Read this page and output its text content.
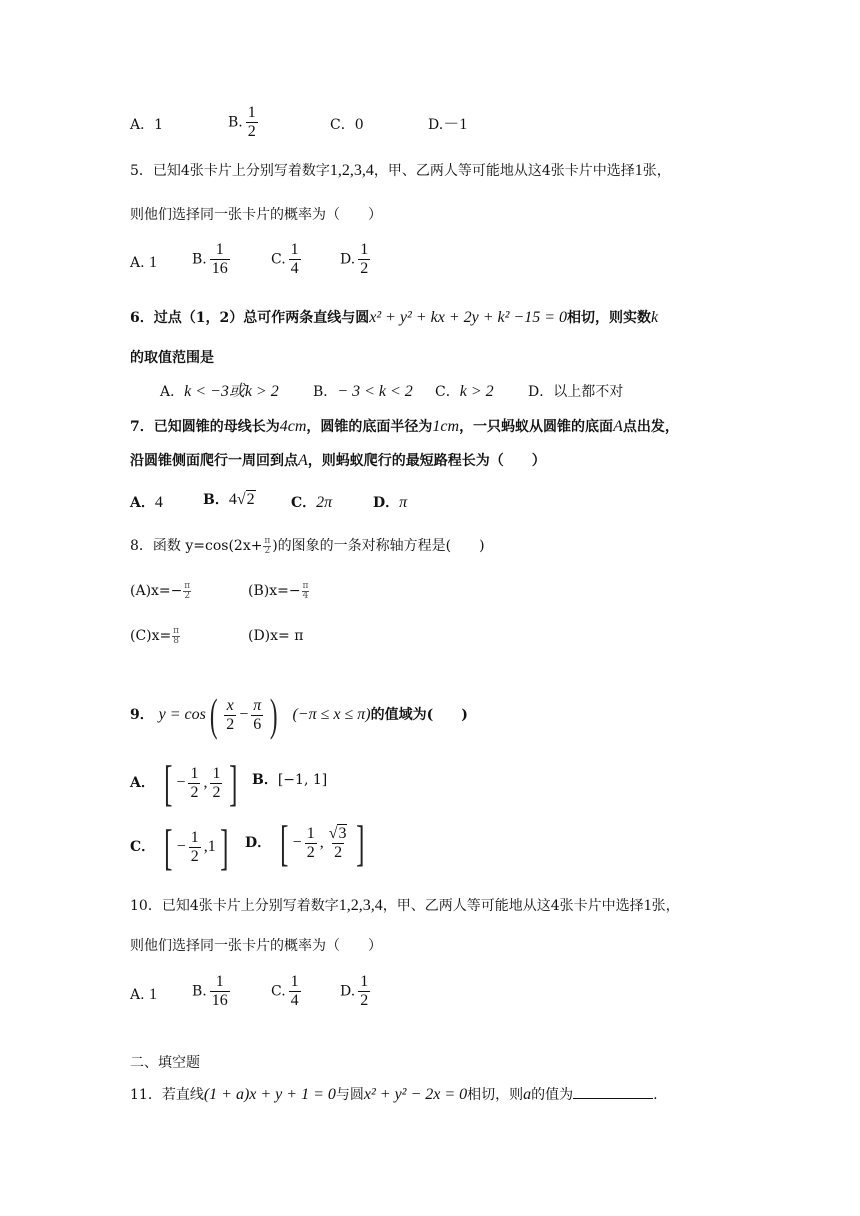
A．1	B. $\frac{1}{2}$	C．0	D.－1
5．已知4张卡片上分别写着数字1,2,3,4，甲、乙两人等可能地从这4张卡片中选择1张，
则他们选择同一张卡片的概率为（　　）
A. 1 B. $\frac{1}{16}$	C. $\frac{1}{4}$	D. $\frac{1}{2}$
6．过点（1，2）总可作两条直线与圆x² + y² + kx + 2y + k² −15 = 0相切，则实数k
的取值范围是
A．k < −3或k > 2 B．− 3 < k < 2 C．k > 2 D．以上都不对
7．已知圆锥的母线长为4cm，圆锥的底面半径为1cm，一只蚂蚁从圆锥的底面A点出发，
沿圆锥侧面爬行一周回到点A，则蚂蚁爬行的最短路程长为（　　）
A．4	B．4√2	C．2π	D．π
8．函数 $y=\cos(2x+ \frac{\pi}{2}$ )的图象的一条对称轴方程是(　　)
$(A)x=- \frac{\pi}{2}$	$(B)x=- \frac{\pi}{4}$
$(C)x= \frac{\pi}{8}$	(D)x= π
9． y = cos ( $\frac{x}{2} - \frac{\pi}{6}$ ) (−π ≤ x ≤ π)的值域为(　　)
A． [ − $\frac{1}{2}$ , $\frac{1}{2}$ ] B．[−1, 1]
C． [ − $\frac{1}{2}$ , 1 ] D． [ − $\frac{1}{2}$ , $\frac{√3}{2}$ ]
10．已知4张卡片上分别写着数字1,2,3,4，甲、乙两人等可能地从这4张卡片中选择1张，
则他们选择同一张卡片的概率为（　　）
A. 1 B. $\frac{1}{16}$	C. $\frac{1}{4}$	D. $\frac{1}{2}$
二、填空题
11．若直线(1 + a)x + y + 1 = 0与圆x² + y² − 2x = 0相切，则a的值为	.
